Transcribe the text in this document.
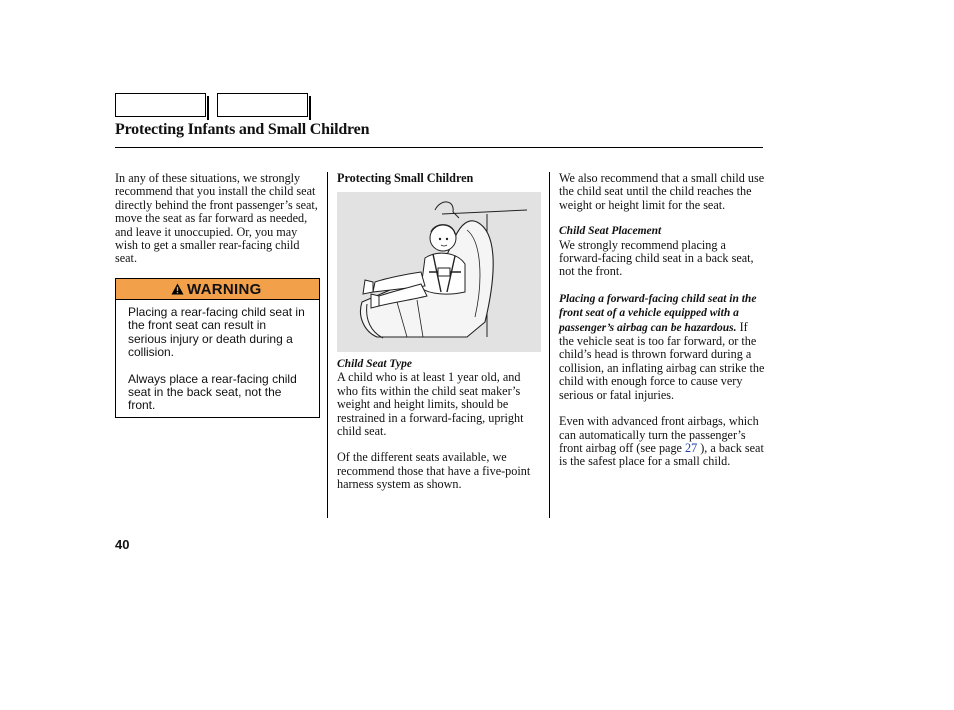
Protecting Infants and Small Children

In any of these situations, we strongly recommend that you install the child seat directly behind the front passenger’s seat, move the seat as far forward as needed, and leave it unoccupied. Or, you may wish to get a smaller rear-facing child seat.

WARNING

Placing a rear-facing child seat in the front seat can result in serious injury or death during a collision.

Always place a rear-facing child seat in the back seat, not the front.

Protecting Small Children

Child Seat Type

A child who is at least 1 year old, and who fits within the child seat maker’s weight and height limits, should be restrained in a forward-facing, upright child seat.

Of the different seats available, we recommend those that have a five-point harness system as shown.

We also recommend that a small child use the child seat until the child reaches the weight or height limit for the seat.

Child Seat Placement

We strongly recommend placing a forward-facing child seat in a back seat, not the front.

Placing a forward-facing child seat in the front seat of a vehicle equipped with a passenger’s airbag can be hazardous. If the vehicle seat is too far forward, or the child’s head is thrown forward during a collision, an inflating airbag can strike the child with enough force to cause very serious or fatal injuries.

Even with advanced front airbags, which can automatically turn the passenger’s front airbag off (see page 27 ), a back seat is the safest place for a small child.

40
